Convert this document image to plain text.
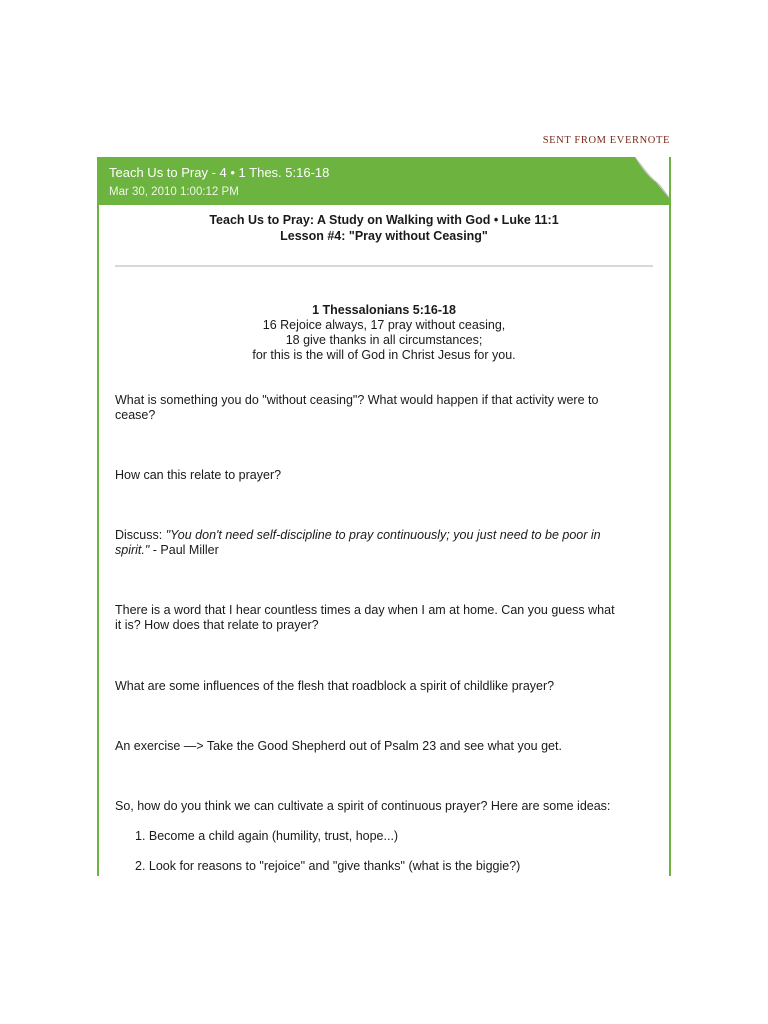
SENT FROM EVERNOTE
Teach Us to Pray - 4 • 1 Thes. 5:16-18
Mar 30, 2010 1:00:12 PM
Teach Us to Pray: A Study on Walking with God • Luke 11:1
Lesson #4: "Pray without Ceasing"
1 Thessalonians 5:16-18
16 Rejoice always, 17 pray without ceasing,
18 give thanks in all circumstances;
for this is the will of God in Christ Jesus for you.
What is something you do "without ceasing"? What would happen if that activity were to
cease?
How can this relate to prayer?
Discuss: "You don't need self-discipline to pray continuously; you just need to be poor in
spirit." - Paul Miller
There is a word that I hear countless times a day when I am at home. Can you guess what
it is? How does that relate to prayer?
What are some influences of the flesh that roadblock a spirit of childlike prayer?
An exercise —> Take the Good Shepherd out of Psalm 23 and see what you get.
So, how do you think we can cultivate a spirit of continuous prayer? Here are some ideas:
1. Become a child again (humility, trust, hope...)
2. Look for reasons to "rejoice" and "give thanks" (what is the biggie?)
